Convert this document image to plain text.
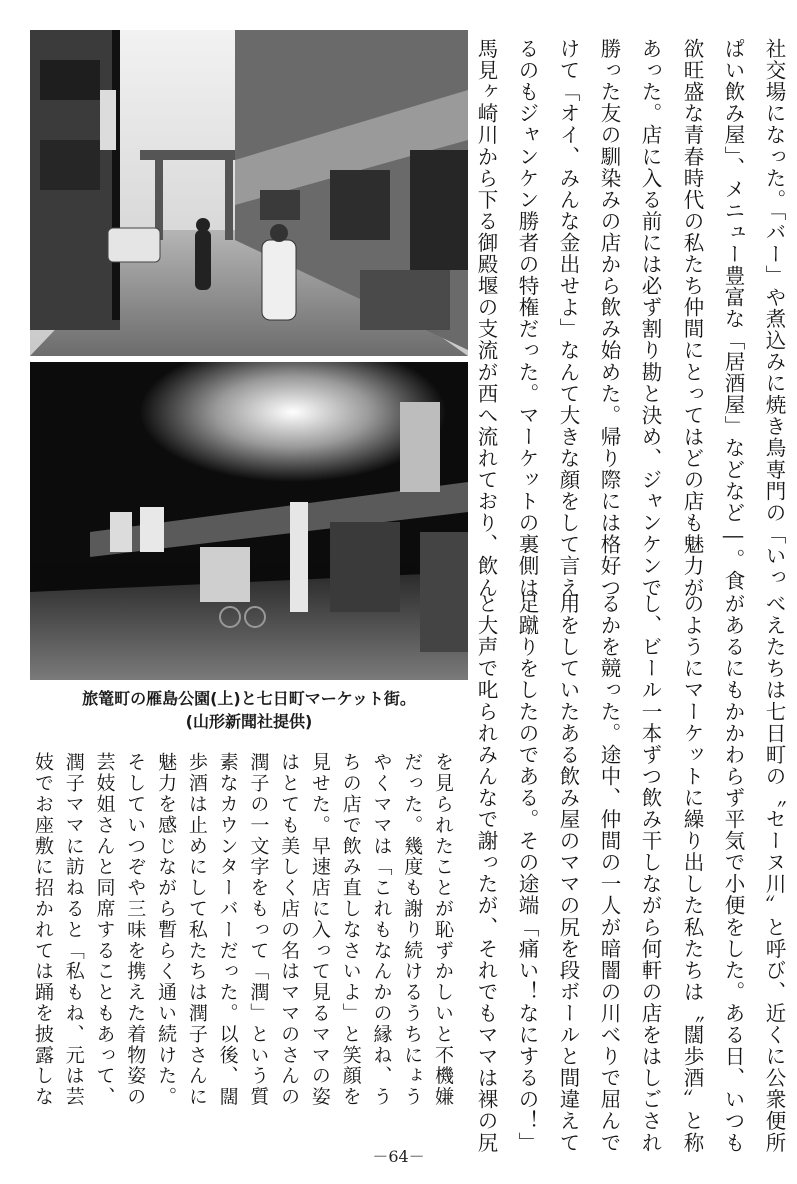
旅篭町の雁島公園(上)と七日町マーケット街。
(山形新聞社提供)
社交場になった。「バー」や煮込みに焼き鳥専門の「いっ
ぱい飲み屋」、メニュー豊富な「居酒屋」などなど―。食
欲旺盛な青春時代の私たち仲間にとってはどの店も魅力が
あった。店に入る前には必ず割り勘と決め、ジャンケンで
勝った友の馴染みの店から飲み始めた。帰り際には格好つ
けて「オイ、みんな金出せよ」なんて大きな顔をして言え
るのもジャンケン勝者の特権だった。マーケットの裏側は
馬見ヶ崎川から下る御殿堰の支流が西へ流れており、飲ん
べえたちは七日町の〝セーヌ川〟と呼び、近くに公衆便所
があるにもかかわらず平気で小便をした。ある日、いつも
のようにマーケットに繰り出した私たちは〝闊歩酒〟と称
し、ビール一本ずつ飲み干しながら何軒の店をはしごされ
るかを競った。途中、仲間の一人が暗闇の川べりで屈んで
用をしていたある飲み屋のママの尻を段ボールと間違えて
足蹴りをしたのである。その途端「痛い！なにするの！」
と大声で叱られみんなで謝ったが、それでもママは裸の尻
を見られたことが恥ずかしいと不機嫌
だった。幾度も謝り続けるうちにょう
やくママは「これもなんかの縁ね、う
ちの店で飲み直しなさいよ」と笑顔を
見せた。早速店に入って見るママの姿
はとても美しく店の名はママのさんの
潤子の一文字をもって「潤」という質
素なカウンターバーだった。以後、闊
歩酒は止めにして私たちは潤子さんに
魅力を感じながら暫らく通い続けた。
そしていつぞや三味を携えた着物姿の
芸妓姐さんと同席することもあって、
潤子ママに訪ねると「私もね、元は芸
妓でお座敷に招かれては踊を披露しな
－64－
